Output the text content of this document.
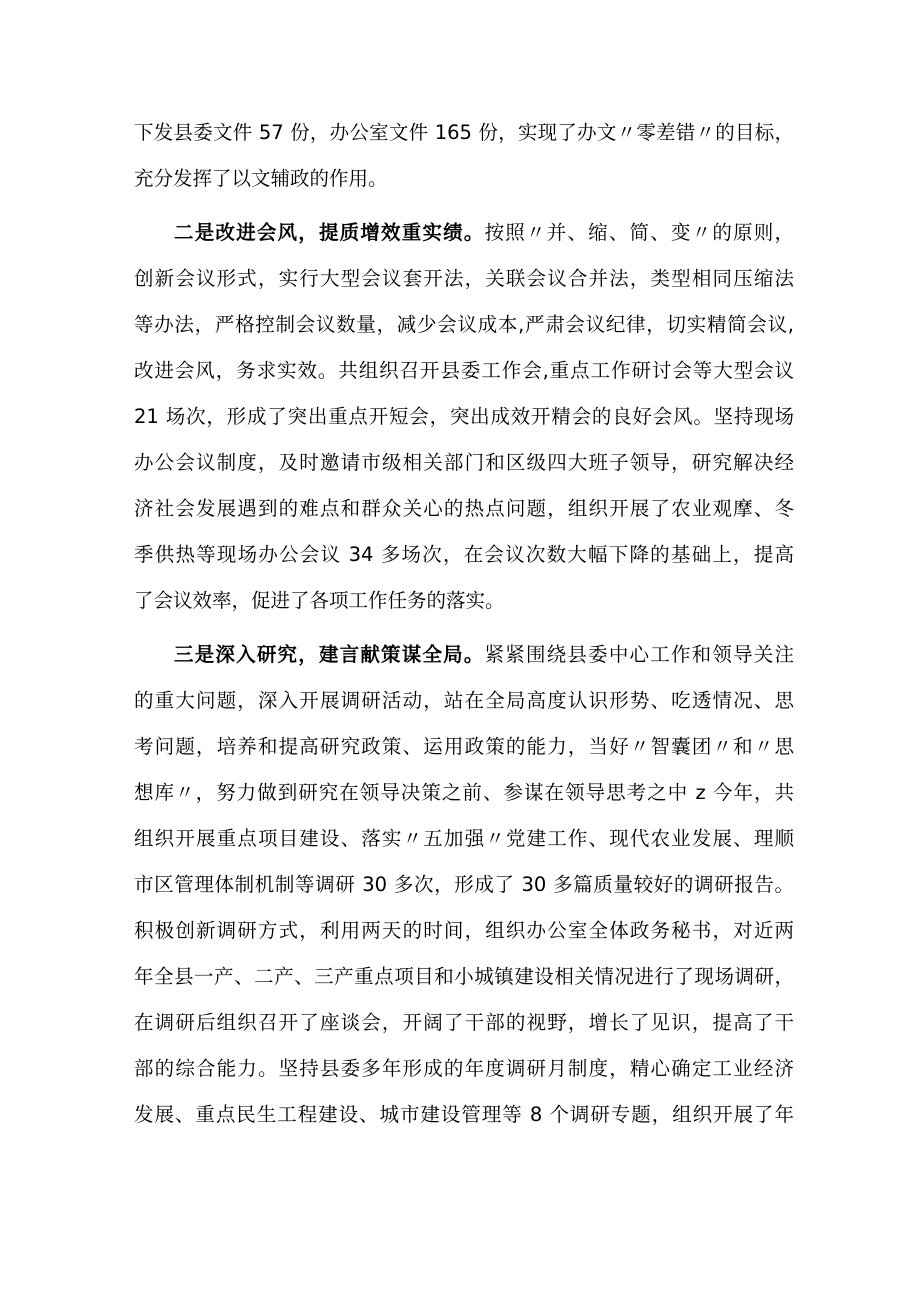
下发县委文件 57 份，办公室文件 165 份，实现了办文〃零差错〃的目标，
充分发挥了以文辅政的作用。
二是改进会风，提质增效重实绩。按照〃并、缩、简、变〃的原则，
创新会议形式，实行大型会议套开法，关联会议合并法，类型相同压缩法
等办法，严格控制会议数量，减少会议成本,严肃会议纪律，切实精简会议,
改进会风，务求实效。共组织召开县委工作会,重点工作研讨会等大型会议
21 场次，形成了突出重点开短会，突出成效开精会的良好会风。坚持现场
办公会议制度，及时邀请市级相关部门和区级四大班子领导，研究解决经
济社会发展遇到的难点和群众关心的热点问题，组织开展了农业观摩、冬
季供热等现场办公会议 34 多场次，在会议次数大幅下降的基础上，提高
了会议效率，促进了各项工作任务的落实。
三是深入研究，建言献策谋全局。紧紧围绕县委中心工作和领导关注
的重大问题，深入开展调研活动，站在全局高度认识形势、吃透情况、思
考问题，培养和提高研究政策、运用政策的能力，当好〃智囊团〃和〃思
想库〃，努力做到研究在领导决策之前、参谋在领导思考之中 z 今年，共
组织开展重点项目建设、落实〃五加强〃党建工作、现代农业发展、理顺
市区管理体制机制等调研 30 多次，形成了 30 多篇质量较好的调研报告。
积极创新调研方式，利用两天的时间，组织办公室全体政务秘书，对近两
年全县一产、二产、三产重点项目和小城镇建设相关情况进行了现场调研，
在调研后组织召开了座谈会，开阔了干部的视野，增长了见识，提高了干
部的综合能力。坚持县委多年形成的年度调研月制度，精心确定工业经济
发展、重点民生工程建设、城市建设管理等 8 个调研专题，组织开展了年
